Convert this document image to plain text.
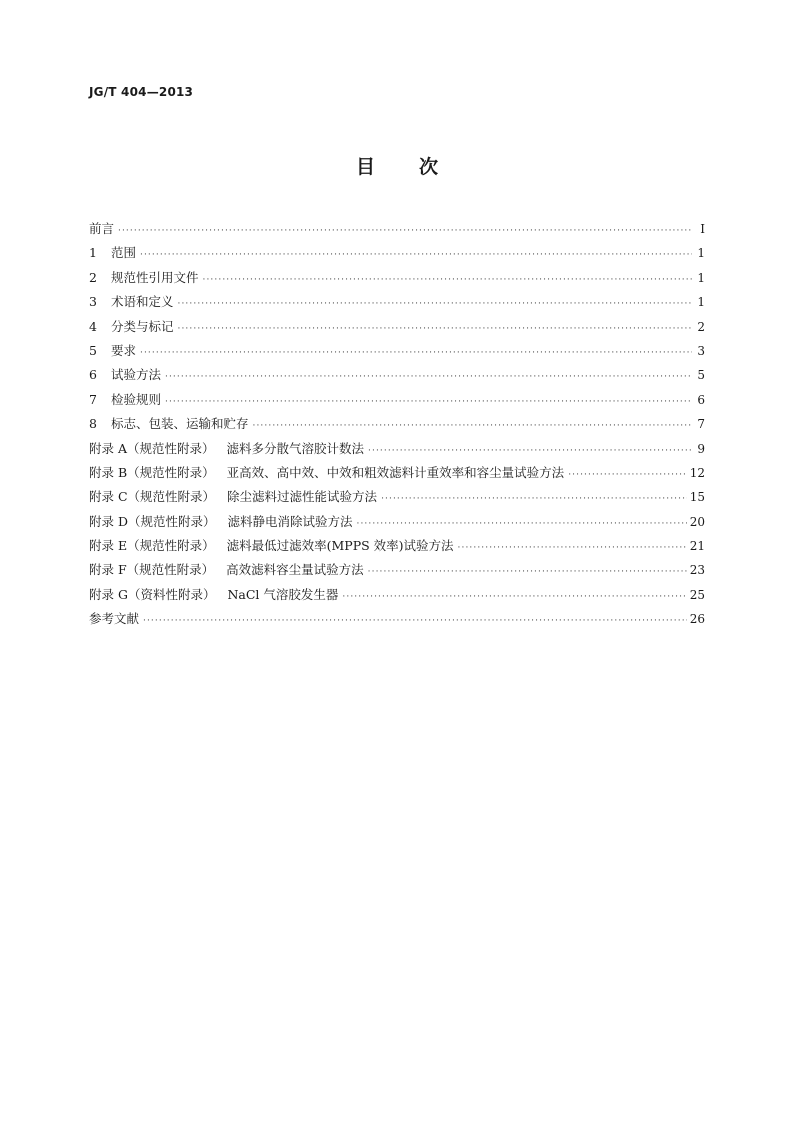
JG/T 404—2013
目次
前言 ·····	Ⅰ
1 范围 ·····	1
2 规范性引用文件 ·····	1
3 术语和定义 ·····	1
4 分类与标记 ·····	2
5 要求 ·····	3
6 试验方法 ·····	5
7 检验规则 ·····	6
8 标志、包装、运输和贮存 ·····	7
附录 A（规范性附录） 滤料多分散气溶胶计数法 ·····	9
附录 B（规范性附录） 亚高效、高中效、中效和粗效滤料计重效率和容尘量试验方法 ·····	12
附录 C（规范性附录） 除尘滤料过滤性能试验方法 ·····	15
附录 D（规范性附录） 滤料静电消除试验方法 ·····	20
附录 E（规范性附录） 滤料最低过滤效率(MPPS 效率)试验方法 ·····	21
附录 F（规范性附录） 高效滤料容尘量试验方法 ·····	23
附录 G（资料性附录） NaCl 气溶胶发生器 ·····	25
参考文献 ·····	26
